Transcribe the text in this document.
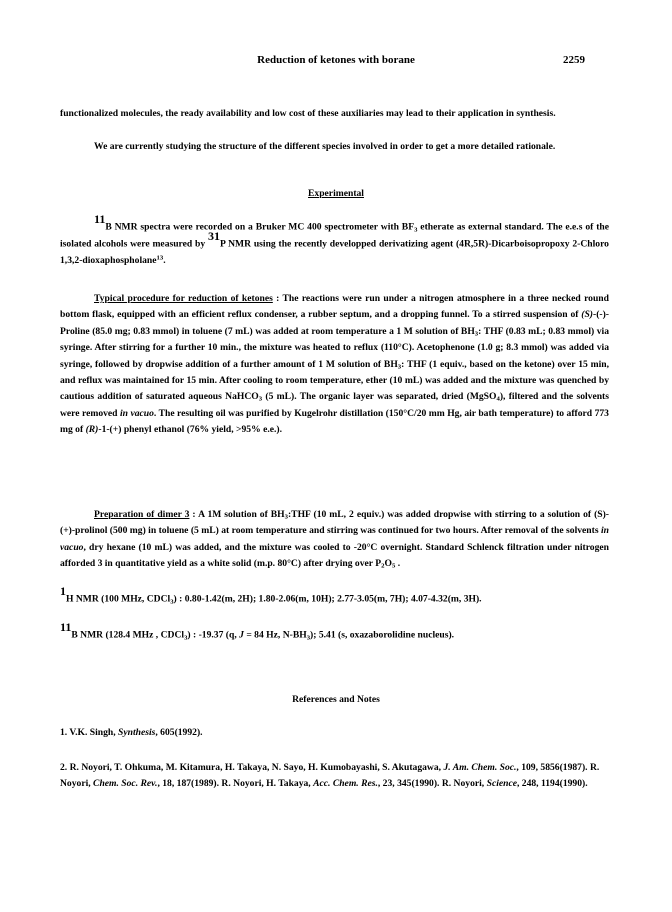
Reduction of ketones with borane	2259

functionalized molecules, the ready availability and low cost of these auxiliaries may lead to their application in synthesis.

We are currently studying the structure of the different species involved in order to get a more detailed rationale.

Experimental

$^{11}$B NMR spectra were recorded on a Bruker MC 400 spectrometer with $BF_3$ etherate as external standard. The e.e.s of the isolated alcohols were measured by $^{31}$P NMR using the recently developped derivatizing agent (4R,5R)-Dicarboisopropoxy 2-Chloro 1,3,2-dioxaphospholane$^{13}$.

Typical procedure for reduction of ketones : The reactions were run under a nitrogen atmosphere in a three necked round bottom flask, equipped with an efficient reflux condenser, a rubber septum, and a dropping funnel. To a stirred suspension of (S)-(-)-Proline (85.0 mg; 0.83 mmol) in toluene (7 mL) was added at room temperature a 1 M solution of $BH_3$: THF (0.83 mL; 0.83 mmol) via syringe. After stirring for a further 10 min., the mixture was heated to reflux (110°C). Acetophenone (1.0 g; 8.3 mmol) was added via syringe, followed by dropwise addition of a further amount of 1 M solution of $BH_3$: THF (1 equiv., based on the ketone) over 15 min, and reflux was maintained for 15 min. After cooling to room temperature, ether (10 mL) was added and the mixture was quenched by cautious addition of saturated aqueous NaHCO$_3$ (5 mL). The organic layer was separated, dried (MgSO$_4$), filtered and the solvents were removed in vacuo. The resulting oil was purified by Kugelrohr distillation (150°C/20 mm Hg, air bath temperature) to afford 773 mg of (R)-1-(+) phenyl ethanol (76% yield, >95% e.e.).

Preparation of dimer 3 : A 1M solution of $BH_3:THF$ (10 mL, 2 equiv.) was added dropwise with stirring to a solution of (S)-(+)-prolinol (500 mg) in toluene (5 mL) at room temperature and stirring was continued for two hours. After removal of the solvents in vacuo, dry hexane (10 mL) was added, and the mixture was cooled to -20°C overnight. Standard Schlenck filtration under nitrogen afforded 3 in quantitative yield as a white solid (m.p. 80°C) after drying over $P_2O_5$ .

$^1$H NMR (100 MHz, CDCl$_3$) : 0.80-1.42(m, 2H); 1.80-2.06(m, 10H); 2.77-3.05(m, 7H); 4.07-4.32(m, 3H).

$^{11}$B NMR (128.4 MHz , CDCl$_3$) : -19.37 (q, J = 84 Hz, $N-BH_3$); 5.41 (s, oxazaborolidine nucleus).

References and Notes

1. V.K. Singh, Synthesis, 605(1992).

2. R. Noyori, T. Ohkuma, M. Kitamura, H. Takaya, N. Sayo, H. Kumobayashi, S. Akutagawa, J. Am. Chem. Soc., 109, 5856(1987). R. Noyori, Chem. Soc. Rev., 18, 187(1989). R. Noyori, H. Takaya, Acc. Chem. Res., 23, 345(1990). R. Noyori, Science, 248, 1194(1990).
